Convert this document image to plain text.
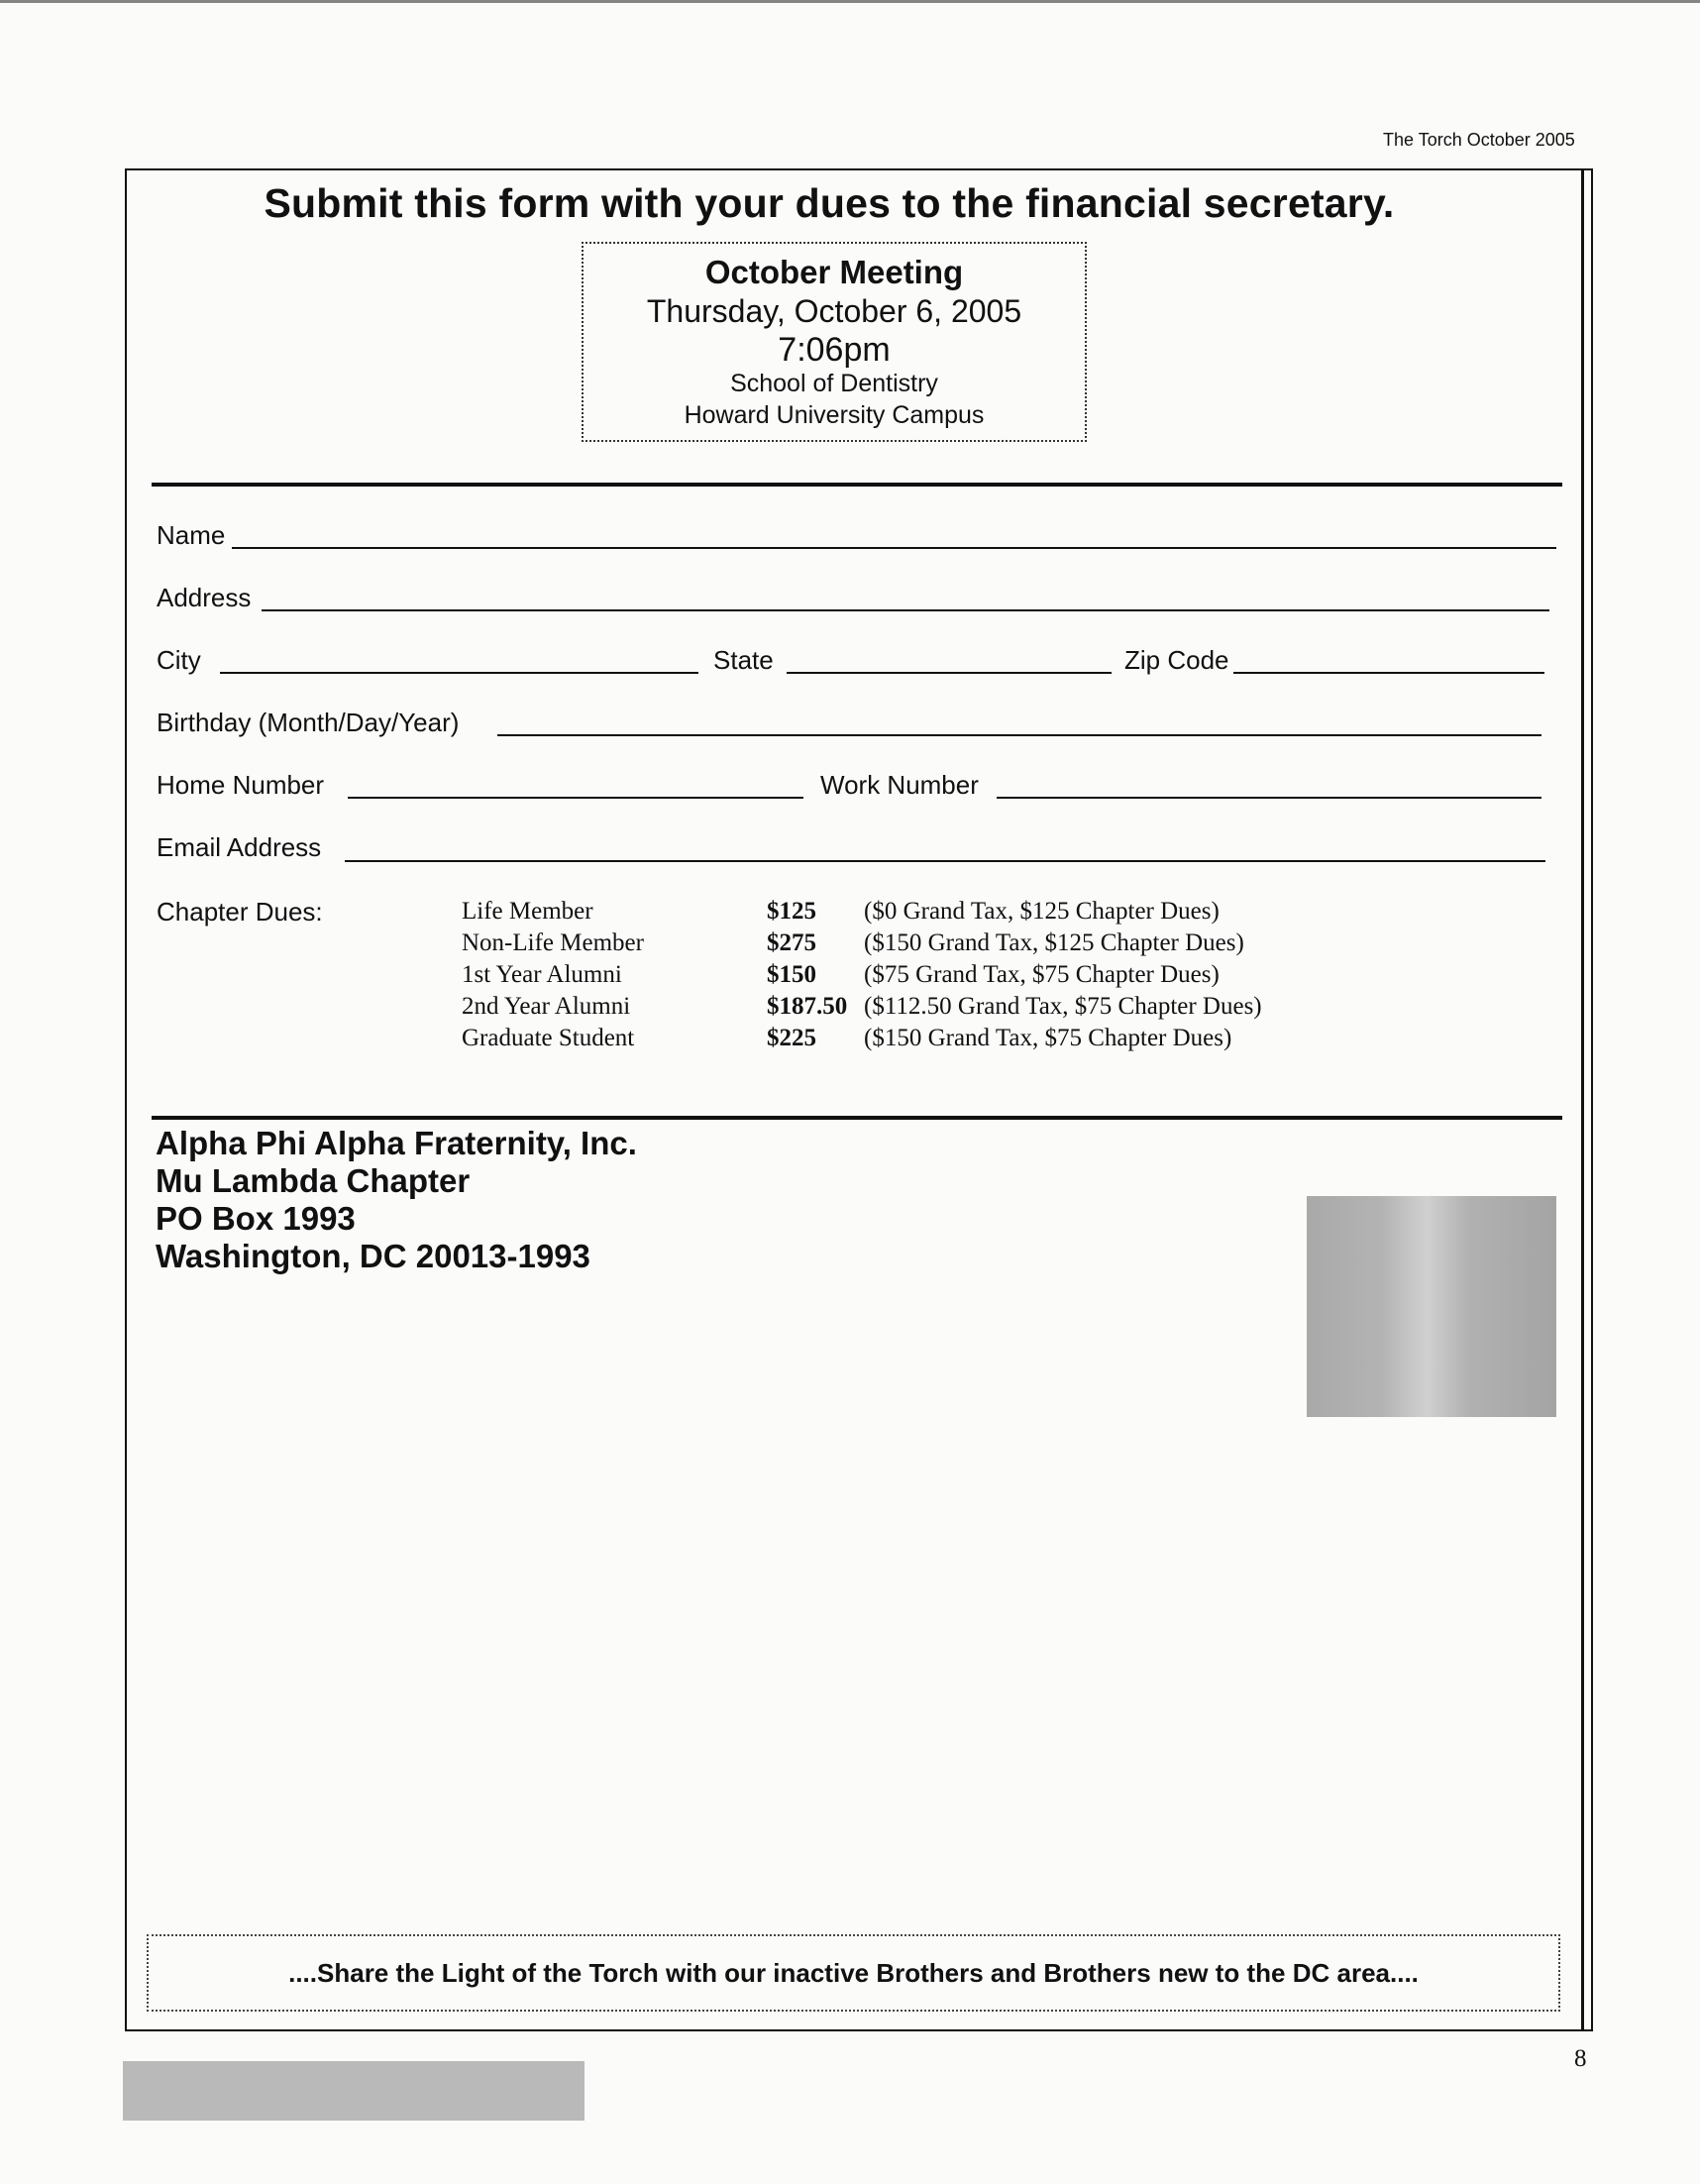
The Torch October 2005
Submit this form with your dues to the financial secretary.
October Meeting
Thursday, October 6, 2005
7:06pm
School of Dentistry
Howard University Campus
Name
Address
City	State	Zip Code
Birthday (Month/Day/Year)
Home Number	Work Number
Email Address
Chapter Dues:	Life Member	$125 ($0 Grand Tax, $125 Chapter Dues)
Non-Life Member	$275 ($150 Grand Tax, $125 Chapter Dues)
1st Year Alumni	$150 ($75 Grand Tax, $75 Chapter Dues)
2nd Year Alumni	$187.50 ($112.50 Grand Tax, $75 Chapter Dues)
Graduate Student	$225 ($150 Grand Tax, $75 Chapter Dues)
Alpha Phi Alpha Fraternity, Inc.
Mu Lambda Chapter
PO Box 1993
Washington, DC 20013-1993
....Share the Light of the Torch with our inactive Brothers and Brothers new to the DC area....
8
